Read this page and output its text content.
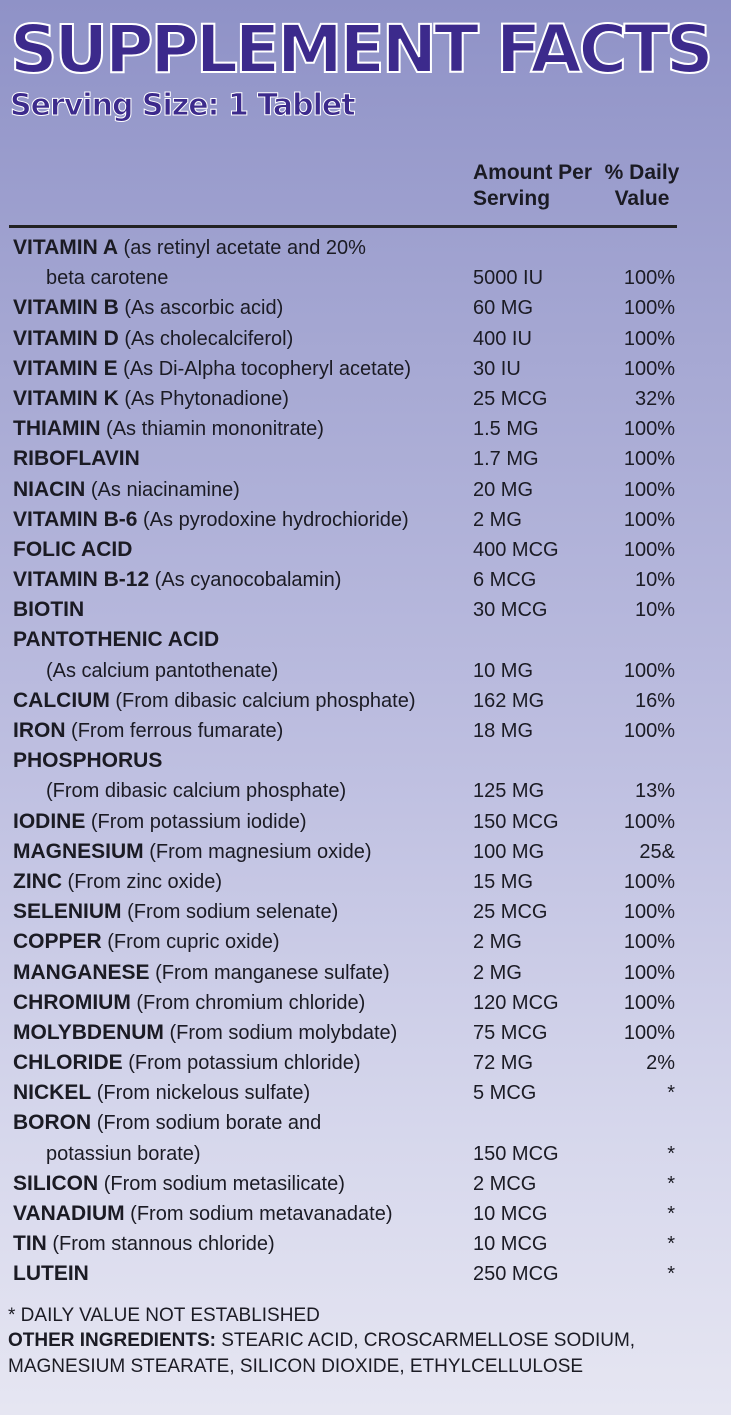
SUPPLEMENT FACTS
Serving Size: 1 Tablet
Amount Per
Serving
% Daily
Value
VITAMIN A (as retinyl acetate and 20%
beta carotene	5000 IU	100%
VITAMIN B (As ascorbic acid)	60 MG	100%
VITAMIN D (As cholecalciferol)	400 IU	100%
VITAMIN E (As Di-Alpha tocopheryl acetate)	30 IU	100%
VITAMIN K (As Phytonadione)	25 MCG	32%
THIAMIN (As thiamin mononitrate)	1.5 MG	100%
RIBOFLAVIN	1.7 MG	100%
NIACIN (As niacinamine)	20 MG	100%
VITAMIN B-6 (As pyrodoxine hydrochioride)	2 MG	100%
FOLIC ACID	400 MCG	100%
VITAMIN B-12 (As cyanocobalamin)	6 MCG	10%
BIOTIN	30 MCG	10%
PANTOTHENIC ACID
(As calcium pantothenate)	10 MG	100%
CALCIUM (From dibasic calcium phosphate)	162 MG	16%
IRON (From ferrous fumarate)	18 MG	100%
PHOSPHORUS
(From dibasic calcium phosphate)	125 MG	13%
IODINE (From potassium iodide)	150 MCG	100%
MAGNESIUM (From magnesium oxide)	100 MG	25&
ZINC (From zinc oxide)	15 MG	100%
SELENIUM (From sodium selenate)	25 MCG	100%
COPPER (From cupric oxide)	2 MG	100%
MANGANESE (From manganese sulfate)	2 MG	100%
CHROMIUM (From chromium chloride)	120 MCG	100%
MOLYBDENUM (From sodium molybdate)	75 MCG	100%
CHLORIDE (From potassium chloride)	72 MG	2%
NICKEL (From nickelous sulfate)	5 MCG	*
BORON (From sodium borate and
potassiun borate)	150 MCG	*
SILICON (From sodium metasilicate)	2 MCG	*
VANADIUM (From sodium metavanadate)	10 MCG	*
TIN (From stannous chloride)	10 MCG	*
LUTEIN	250 MCG	*
* DAILY VALUE NOT ESTABLISHED
OTHER INGREDIENTS: STEARIC ACID, CROSCARMELLOSE SODIUM, MAGNESIUM STEARATE, SILICON DIOXIDE, ETHYLCELLULOSE
